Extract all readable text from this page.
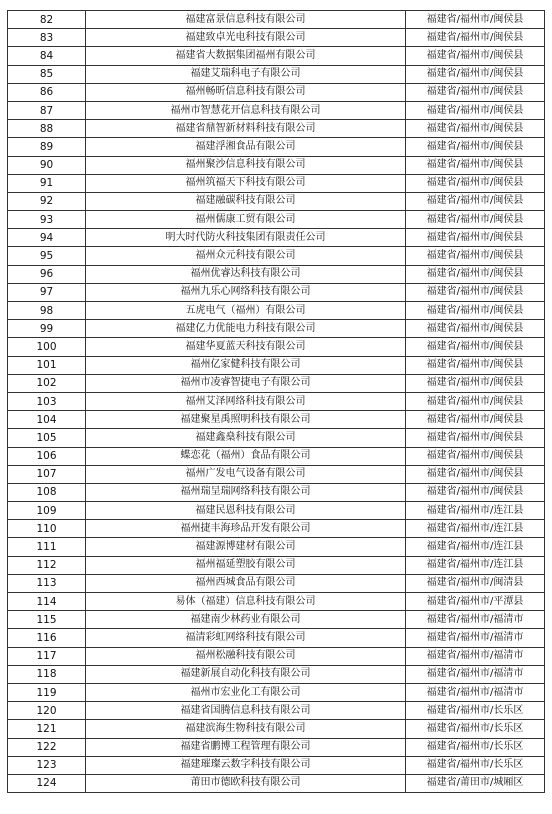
82	福建富景信息科技有限公司	福建省/福州市/闽侯县
83	福建致卓光电科技有限公司	福建省/福州市/闽侯县
84	福建省大数据集团福州有限公司	福建省/福州市/闽侯县
85	福建艾瑞科电子有限公司	福建省/福州市/闽侯县
86	福州畅昕信息科技有限公司	福建省/福州市/闽侯县
87	福州市智慧花开信息科技有限公司	福建省/福州市/闽侯县
88	福建省鼎智新材料科技有限公司	福建省/福州市/闽侯县
89	福建浮湘食品有限公司	福建省/福州市/闽侯县
90	福州聚沙信息科技有限公司	福建省/福州市/闽侯县
91	福州筑福天下科技有限公司	福建省/福州市/闽侯县
92	福建融碳科技有限公司	福建省/福州市/闽侯县
93	福州儒康工贸有限公司	福建省/福州市/闽侯县
94	明大时代防火科技集团有限责任公司	福建省/福州市/闽侯县
95	福州众元科技有限公司	福建省/福州市/闽侯县
96	福州优睿达科技有限公司	福建省/福州市/闽侯县
97	福州九乐心网络科技有限公司	福建省/福州市/闽侯县
98	五虎电气（福州）有限公司	福建省/福州市/闽侯县
99	福建亿力优能电力科技有限公司	福建省/福州市/闽侯县
100	福建华夏蓝天科技有限公司	福建省/福州市/闽侯县
101	福州亿家健科技有限公司	福建省/福州市/闽侯县
102	福州市凌睿智捷电子有限公司	福建省/福州市/闽侯县
103	福州艾泽网络科技有限公司	福建省/福州市/闽侯县
104	福建聚星禹照明科技有限公司	福建省/福州市/闽侯县
105	福建鑫燊科技有限公司	福建省/福州市/闽侯县
106	蝶恋花（福州）食品有限公司	福建省/福州市/闽侯县
107	福州广发电气设备有限公司	福建省/福州市/闽侯县
108	福州瑞呈瑞网络科技有限公司	福建省/福州市/闽侯县
109	福建民恩科技有限公司	福建省/福州市/连江县
110	福州捷丰海珍品开发有限公司	福建省/福州市/连江县
111	福建源博建材有限公司	福建省/福州市/连江县
112	福州福延塑胶有限公司	福建省/福州市/连江县
113	福州西城食品有限公司	福建省/福州市/闽清县
114	易体（福建）信息科技有限公司	福建省/福州市/平潭县
115	福建南少林药业有限公司	福建省/福州市/福清市
116	福清彩虹网络科技有限公司	福建省/福州市/福清市
117	福州松融科技有限公司	福建省/福州市/福清市
118	福建新展自动化科技有限公司	福建省/福州市/福清市
119	福州市宏业化工有限公司	福建省/福州市/福清市
120	福建省国腾信息科技有限公司	福建省/福州市/长乐区
121	福建滨海生物科技有限公司	福建省/福州市/长乐区
122	福建省鹏博工程管理有限公司	福建省/福州市/长乐区
123	福建璀璨云数字科技有限公司	福建省/福州市/长乐区
124	莆田市德欧科技有限公司	福建省/莆田市/城厢区
